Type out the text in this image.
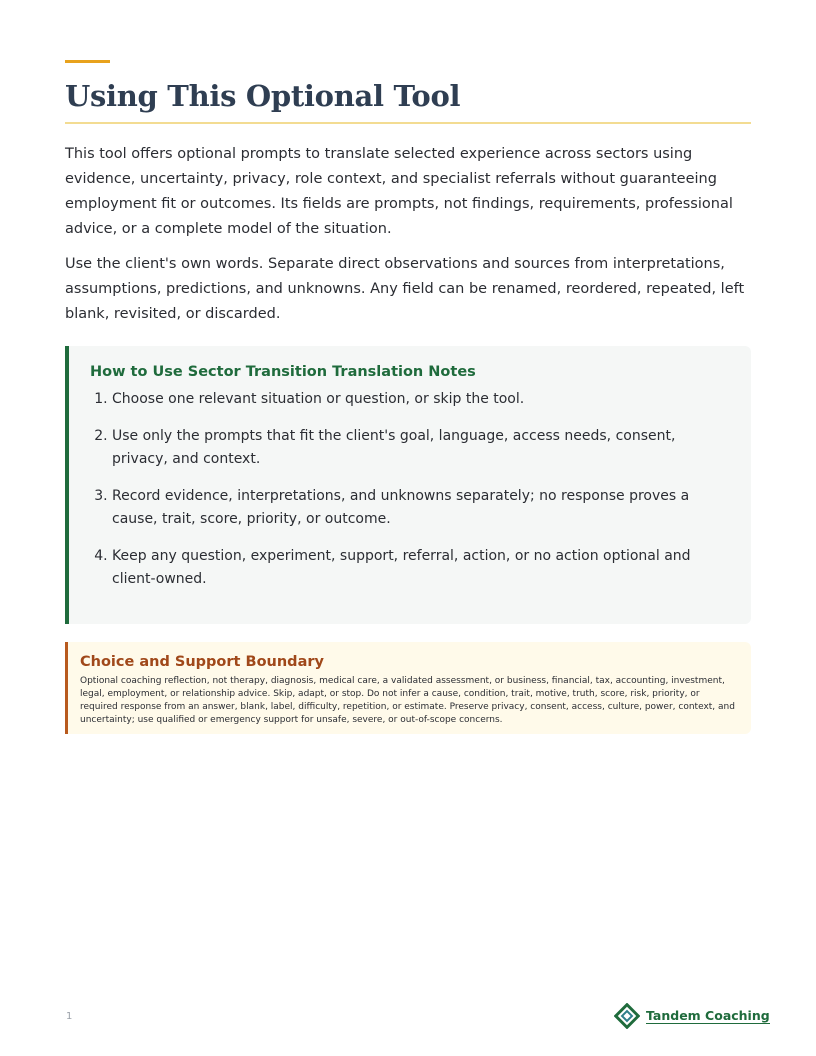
Using This Optional Tool

This tool offers optional prompts to translate selected experience across sectors using evidence, uncertainty, privacy, role context, and specialist referrals without guaranteeing employment fit or outcomes. Its fields are prompts, not findings, requirements, professional advice, or a complete model of the situation.

Use the client's own words. Separate direct observations and sources from interpretations, assumptions, predictions, and unknowns. Any field can be renamed, reordered, repeated, left blank, revisited, or discarded.

How to Use Sector Transition Translation Notes
1. Choose one relevant situation or question, or skip the tool.
2. Use only the prompts that fit the client's goal, language, access needs, consent, privacy, and context.
3. Record evidence, interpretations, and unknowns separately; no response proves a cause, trait, score, priority, or outcome.
4. Keep any question, experiment, support, referral, action, or no action optional and client-owned.
Choice and Support Boundary

Optional coaching reflection, not therapy, diagnosis, medical care, a validated assessment, or business, financial, tax, accounting, investment, legal, employment, or relationship advice. Skip, adapt, or stop. Do not infer a cause, condition, trait, motive, truth, score, risk, priority, or required response from an answer, blank, label, difficulty, repetition, or estimate. Preserve privacy, consent, access, culture, power, context, and uncertainty; use qualified or emergency support for unsafe, severe, or out-of-scope concerns.

1	Tandem Coaching
